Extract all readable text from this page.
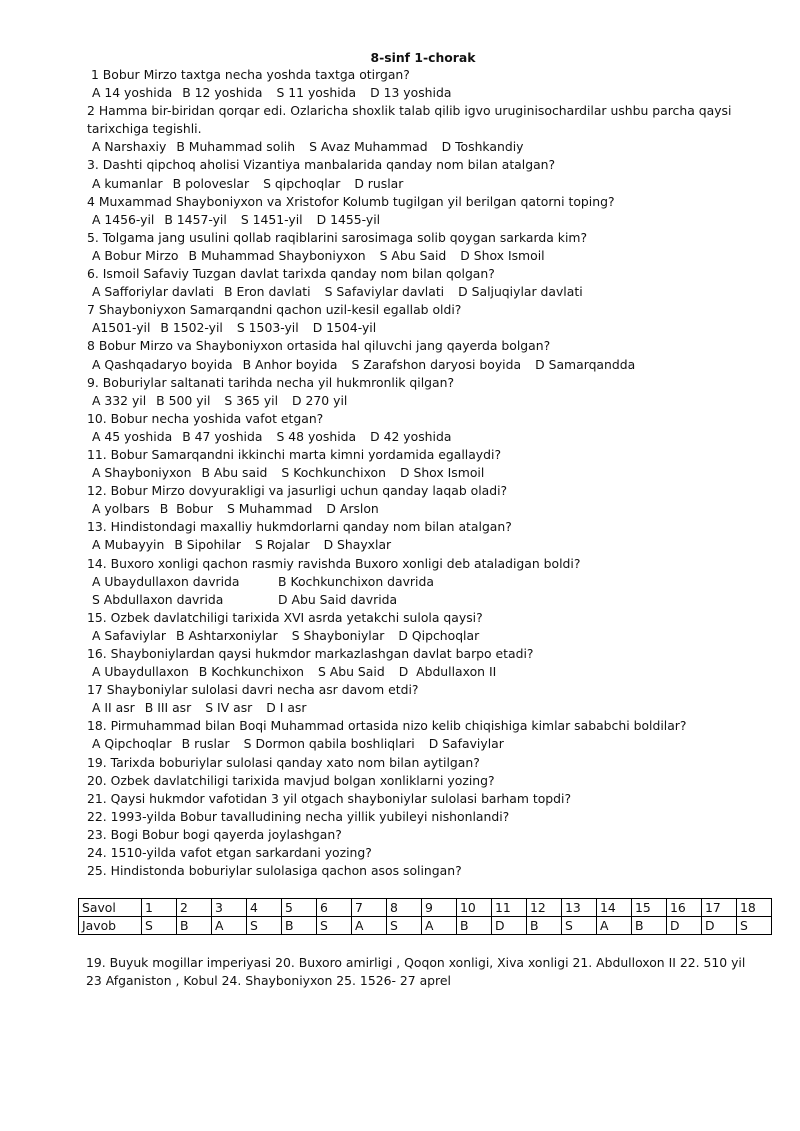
8-sinf 1-chorak
1 Bobur Mirzo taxtga necha yoshda taxtga otirgan?
A 14 yoshida B 12 yoshida S 11 yoshida D 13 yoshida
2 Hamma bir-biridan qorqar edi. Ozlaricha shoxlik talab qilib igvo uruginisochardilar ushbu parcha qaysi tarixchiga tegishli.
A Narshaxiy B Muhammad solih S Avaz Muhammad D Toshkandiy
3. Dashti qipchoq aholisi Vizantiya manbalarida qanday nom bilan atalgan?
A kumanlar B poloveslar S qipchoqlar D ruslar
4 Muxammad Shayboniyxon va Xristofor Kolumb tugilgan yil berilgan qatorni toping?
A 1456-yil B 1457-yil S 1451-yil D 1455-yil
5. Tolgama jang usulini qollab raqiblarini sarosimaga solib qoygan sarkarda kim?
A Bobur Mirzo B Muhammad Shayboniyxon S Abu Said D Shox Ismoil
6. Ismoil Safaviy Tuzgan davlat tarixda qanday nom bilan qolgan?
A Safforiylar davlati B Eron davlati S Safaviylar davlati D Saljuqiylar davlati
7 Shayboniyxon Samarqandni qachon uzil-kesil egallab oldi?
A1501-yil B 1502-yil S 1503-yil D 1504-yil
8 Bobur Mirzo va Shayboniyxon ortasida hal qiluvchi jang qayerda bolgan?
A Qashqadaryo boyida B Anhor boyida S Zarafshon daryosi boyida D Samarqandda
9. Boburiylar saltanati tarihda necha yil hukmronlik qilgan?
A 332 yil B 500 yil S 365 yil D 270 yil
10. Bobur necha yoshida vafot etgan?
A 45 yoshida B 47 yoshida S 48 yoshida D 42 yoshida
11. Bobur Samarqandni ikkinchi marta kimni yordamida egallaydi?
A Shayboniyxon B Abu said S Kochkunchixon D Shox Ismoil
12. Bobur Mirzo dovyurakligi va jasurligi uchun qanday laqab oladi?
A yolbars B  Bobur S Muhammad D Arslon
13. Hindistondagi maxalliy hukmdorlarni qanday nom bilan atalgan?
A Mubayyin B Sipohilar S Rojalar D Shayxlar
14. Buxoro xonligi qachon rasmiy ravishda Buxoro xonligi deb ataladigan boldi?
A Ubaydullaxon davrida	B Kochkunchixon davrida
S Abdullaxon davrida	D Abu Said davrida
15. Ozbek davlatchiligi tarixida XVI asrda yetakchi sulola qaysi?
A Safaviylar B Ashtarxoniylar S Shayboniylar D Qipchoqlar
16. Shayboniylardan qaysi hukmdor markazlashgan davlat barpo etadi?
A Ubaydullaxon B Kochkunchixon S Abu Said D  Abdullaxon II
17 Shayboniylar sulolasi davri necha asr davom etdi?
A II asr B III asr S IV asr D I asr
18. Pirmuhammad bilan Boqi Muhammad ortasida nizo kelib chiqishiga kimlar sababchi boldilar?
A Qipchoqlar B ruslar S Dormon qabila boshliqlari D Safaviylar
19. Tarixda boburiylar sulolasi qanday xato nom bilan aytilgan?
20. Ozbek davlatchiligi tarixida mavjud bolgan xonliklarni yozing?
21. Qaysi hukmdor vafotidan 3 yil otgach shayboniylar sulolasi barham topdi?
22. 1993-yilda Bobur tavalludining necha yillik yubileyi nishonlandi?
23. Bogi Bobur bogi qayerda joylashgan?
24. 1510-yilda vafot etgan sarkardani yozing?
25. Hindistonda boburiylar sulolasiga qachon asos solingan?
Savol	1	2	3	4	5	6	7	8	9	10	11	12	13	14	15	16	17	18
Javob	S	B	A	S	B	S	A	S	A	B	D	B	S	A	B	D	D	S
19. Buyuk mogillar imperiyasi 20. Buxoro amirligi , Qoqon xonligi, Xiva xonligi 21. Abdulloxon II 22. 510 yil
23 Afganiston , Kobul 24. Shayboniyxon 25. 1526- 27 aprel
